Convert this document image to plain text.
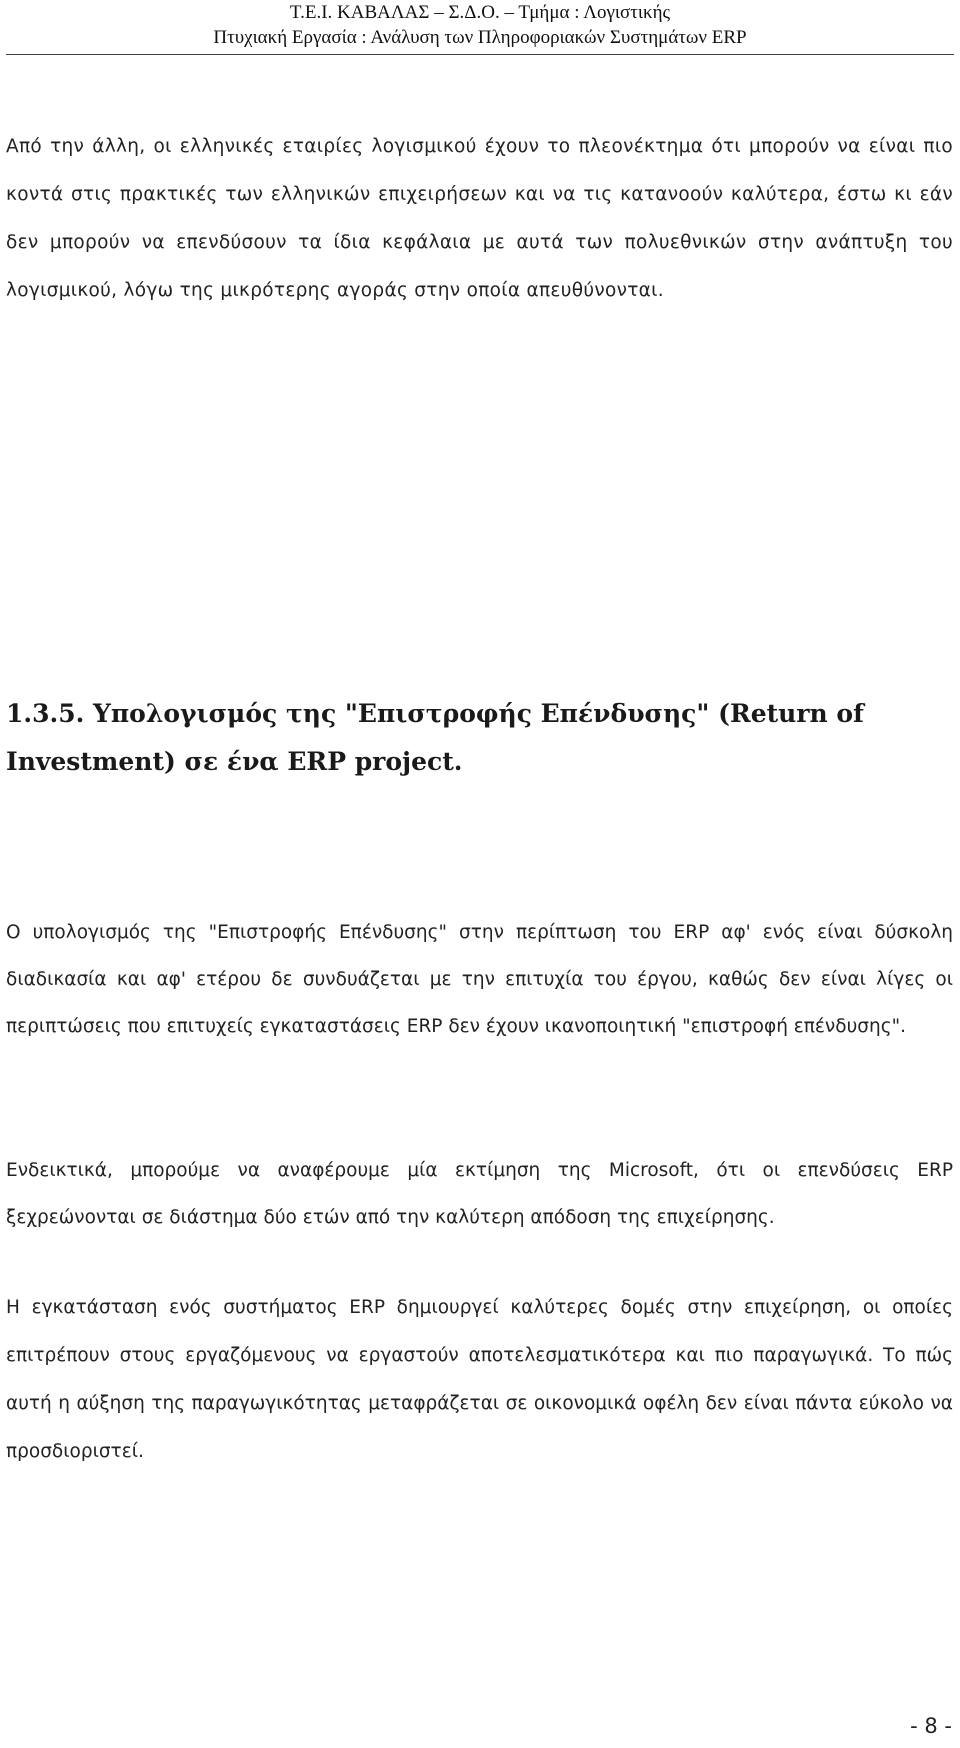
Τ.Ε.Ι. ΚΑΒΑΛΑΣ – Σ.Δ.Ο. – Τμήμα : Λογιστικής
Πτυχιακή Εργασία : Ανάλυση των Πληροφοριακών Συστημάτων ERP

Από την άλλη, οι ελληνικές εταιρίες λογισμικού έχουν το πλεονέκτημα ότι μπορούν να είναι πιο κοντά στις πρακτικές των ελληνικών επιχειρήσεων και να τις κατανοούν καλύτερα, έστω κι εάν δεν μπορούν να επενδύσουν τα ίδια κεφάλαια με αυτά των πολυεθνικών στην ανάπτυξη του λογισμικού, λόγω της μικρότερης αγοράς στην οποία απευθύνονται.

1.3.5. Υπολογισμός της "Επιστροφής Επένδυσης" (Return of Investment) σε ένα ERP project.

Ο υπολογισμός της "Επιστροφής Επένδυσης" στην περίπτωση του ERP αφ' ενός είναι δύσκολη διαδικασία και αφ' ετέρου δε συνδυάζεται με την επιτυχία του έργου, καθώς δεν είναι λίγες οι περιπτώσεις που επιτυχείς εγκαταστάσεις ERP δεν έχουν ικανοποιητική "επιστροφή επένδυσης".

Ενδεικτικά, μπορούμε να αναφέρουμε μία εκτίμηση της Microsoft, ότι οι επενδύσεις ERP ξεχρεώνονται σε διάστημα δύο ετών από την καλύτερη απόδοση της επιχείρησης.

Η εγκατάσταση ενός συστήματος ERP δημιουργεί καλύτερες δομές στην επιχείρηση, οι οποίες επιτρέπουν στους εργαζόμενους να εργαστούν αποτελεσματικότερα και πιο παραγωγικά. Το πώς αυτή η αύξηση της παραγωγικότητας μεταφράζεται σε οικονομικά οφέλη δεν είναι πάντα εύκολο να προσδιοριστεί.

- 8 -
